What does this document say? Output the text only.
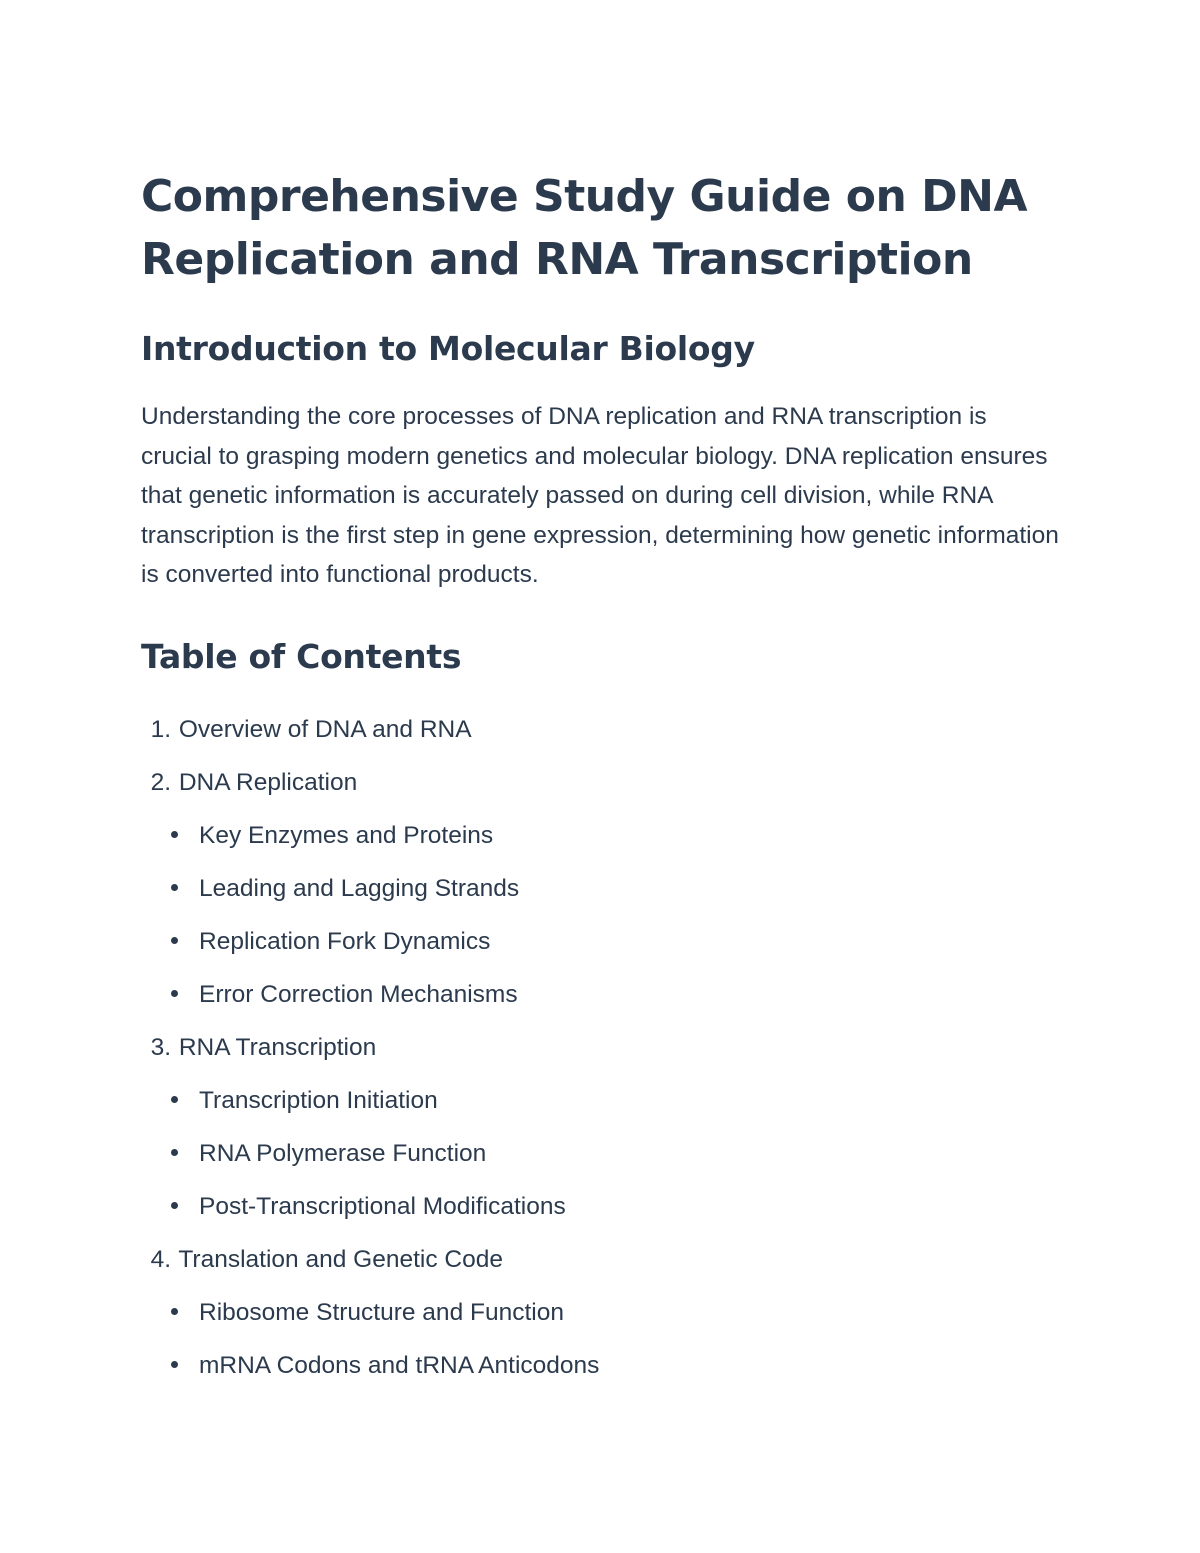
Comprehensive Study Guide on DNA
Replication and RNA Transcription
Introduction to Molecular Biology

Understanding the core processes of DNA replication and RNA transcription is crucial to grasping modern genetics and molecular biology. DNA replication ensures that genetic information is accurately passed on during cell division, while RNA transcription is the first step in gene expression, determining how genetic information is converted into functional products.

Table of Contents
1. Overview of DNA and RNA
2. DNA Replication
Key Enzymes and Proteins
Leading and Lagging Strands
Replication Fork Dynamics
Error Correction Mechanisms
3. RNA Transcription
Transcription Initiation
RNA Polymerase Function
Post-Transcriptional Modifications
4. Translation and Genetic Code
Ribosome Structure and Function
mRNA Codons and tRNA Anticodons
